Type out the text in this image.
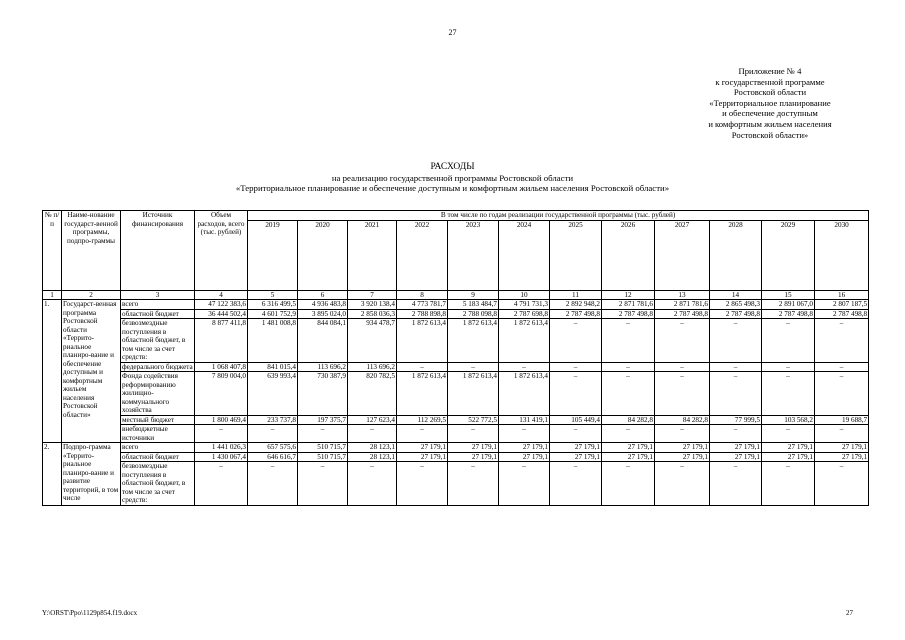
27
Приложение № 4
к государственной программе
Ростовской области
«Территориальное планирование
и обеспечение доступным
и комфортным жильем населения
Ростовской области»
РАСХОДЫ
на реализацию государственной программы Ростовской области
«Территориальное планирование и обеспечение доступным и комфортным жильем населения Ростовской области»
№ п/п	Наиме-нование государст-венной программы, подпро-граммы	Источник финансирования	Объем расходов, всего (тыс. рублей)	В том числе по годам реализации государственной программы (тыс. рублей)											
				2019	2020	2021	2022	2023	2024	2025	2026	2027	2028	2029	2030
1	2	3	4	5	6	7	8	9	10	11	12	13	14	15	16
1.	Государст-венная программа Ростовской области «Террито-риальное планиро-вание и обеспечение доступным и комфортным жильем населения Ростовской области»	всего	47 122 383,6	6 316 499,5	4 936 483,8	3 920 138,4	4 773 781,7	5 183 484,7	4 791 731,3	2 892 948,2	2 871 781,6	2 871 781,6	2 865 498,3	2 891 067,0	2 807 187,5
		областной бюджет	36 444 502,4	4 601 752,9	3 895 024,0	2 858 036,3	2 788 898,8	2 788 098,8	2 787 698,8	2 787 498,8	2 787 498,8	2 787 498,8	2 787 498,8	2 787 498,8	2 787 498,8
		безвозмездные поступления в областной бюджет, в том числе за счет средств:	8 877 411,8	1 481 008,8	844 084,1	934 478,7	1 872 613,4	1 872 613,4	1 872 613,4	–	–	–	–	–	–
		федерального бюджета	1 068 407,8	841 015,4	113 696,2	113 696,2	–	–	–	–	–	–	–	–	–
		Фонда содействия реформированию жилищно-коммунального хозяйства	7 809 004,0	639 993,4	730 387,9	820 782,5	1 872 613,4	1 872 613,4	1 872 613,4	–	–	–	–	–	–
		местный бюджет	1 800 469,4	233 737,8	197 375,7	127 623,4	112 269,5	522 772,5	131 419,1	105 449,4	84 282,8	84 282,8	77 999,5	103 568,2	19 688,7
		внебюджетные источники	–	–	–	–	–	–	–	–	–	–	–	–	–
2.	Подпро-грамма «Террито-риальное планиро-вание и развитие территорий, в том числе	всего	1 441 026,3	657 575,6	510 715,7	28 123,1	27 179,1	27 179,1	27 179,1	27 179,1	27 179,1	27 179,1	27 179,1	27 179,1	27 179,1
		областной бюджет	1 430 067,4	646 616,7	510 715,7	28 123,1	27 179,1	27 179,1	27 179,1	27 179,1	27 179,1	27 179,1	27 179,1	27 179,1	27 179,1
		безвозмездные поступления в областной бюджет, в том числе за счет средств:	–	–	–	–	–	–	–	–	–	–	–	–	–
Y:\ORST\Ppo\1129p854.f19.docx	27
